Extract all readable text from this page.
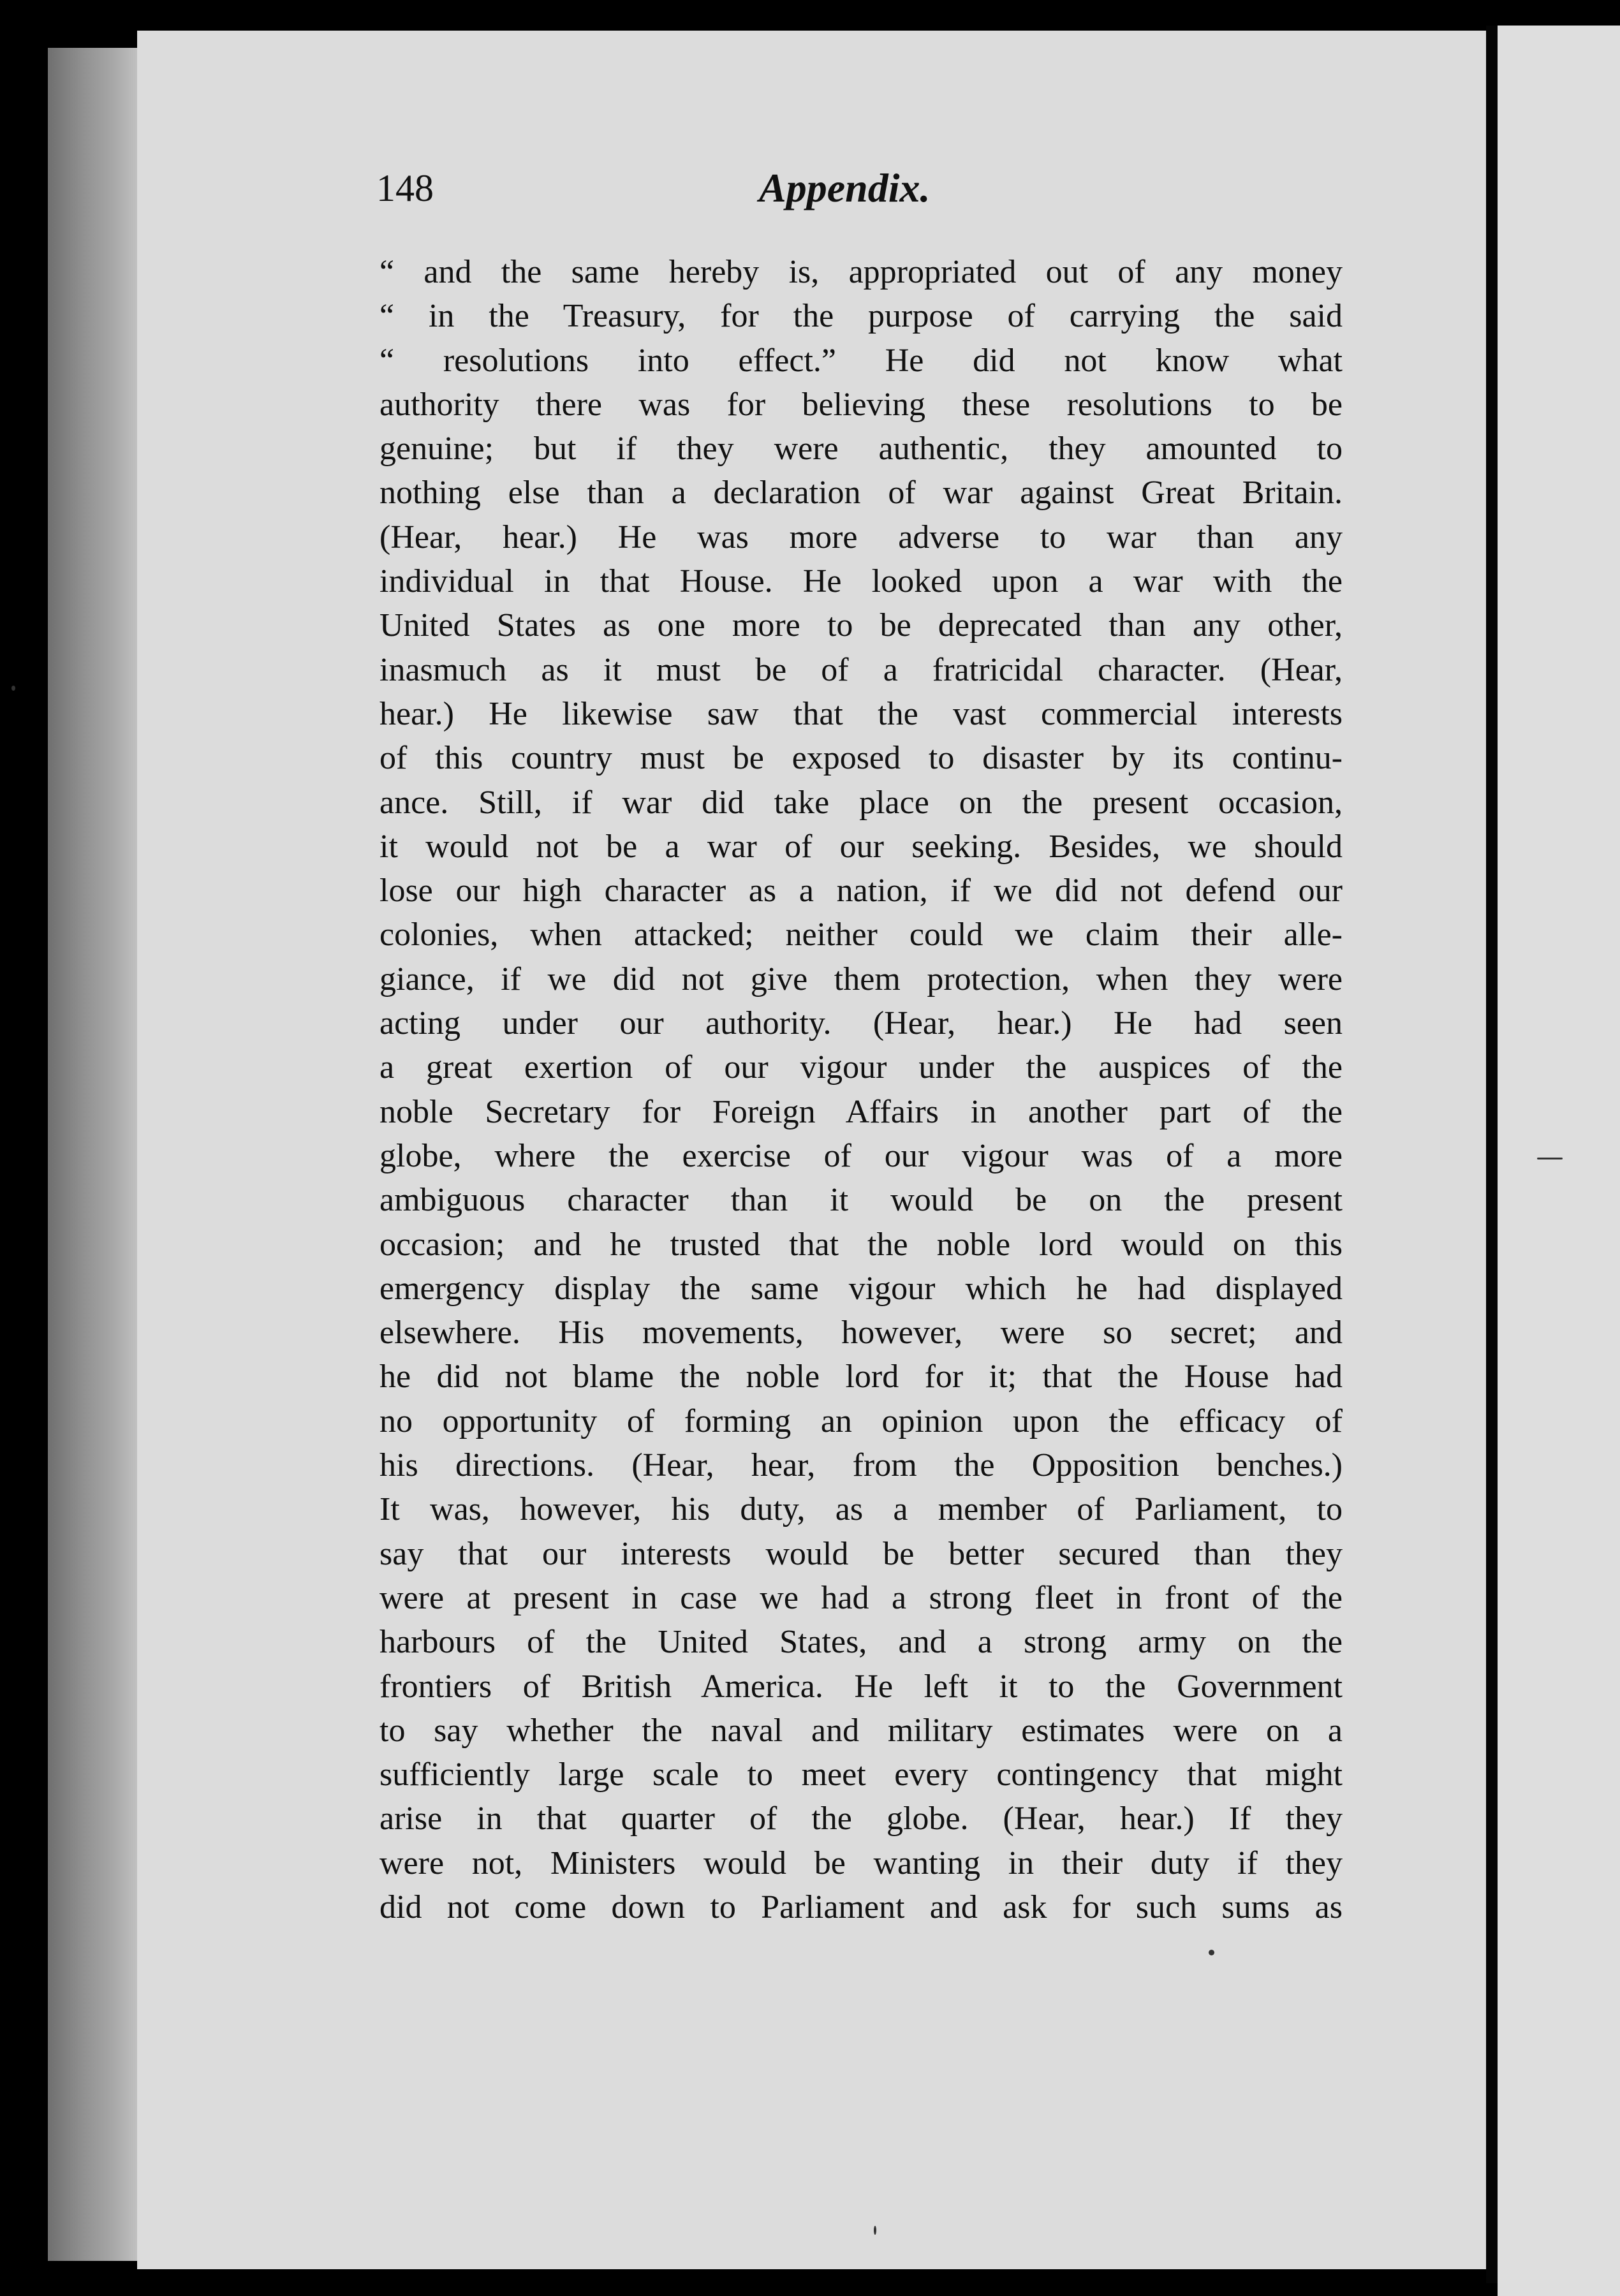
148	Appendix.
“ and the same hereby is, appropriated out of any money
“ in the Treasury, for the purpose of carrying the said
“ resolutions into effect.” He did not know what
authority there was for believing these resolutions to be
genuine; but if they were authentic, they amounted to
nothing else than a declaration of war against Great Britain.
(Hear, hear.) He was more adverse to war than any
individual in that House. He looked upon a war with the
United States as one more to be deprecated than any other,
inasmuch as it must be of a fratricidal character. (Hear,
hear.) He likewise saw that the vast commercial interests
of this country must be exposed to disaster by its continu-
ance. Still, if war did take place on the present occasion,
it would not be a war of our seeking. Besides, we should
lose our high character as a nation, if we did not defend our
colonies, when attacked; neither could we claim their alle-
giance, if we did not give them protection, when they were
acting under our authority. (Hear, hear.) He had seen
a great exertion of our vigour under the auspices of the
noble Secretary for Foreign Affairs in another part of the
globe, where the exercise of our vigour was of a more
ambiguous character than it would be on the present
occasion; and he trusted that the noble lord would on this
emergency display the same vigour which he had displayed
elsewhere. His movements, however, were so secret; and
he did not blame the noble lord for it; that the House had
no opportunity of forming an opinion upon the efficacy of
his directions. (Hear, hear, from the Opposition benches.)
It was, however, his duty, as a member of Parliament, to
say that our interests would be better secured than they
were at present in case we had a strong fleet in front of the
harbours of the United States, and a strong army on the
frontiers of British America. He left it to the Government
to say whether the naval and military estimates were on a
sufficiently large scale to meet every contingency that might
arise in that quarter of the globe. (Hear, hear.) If they
were not, Ministers would be wanting in their duty if they
did not come down to Parliament and ask for such sums as
